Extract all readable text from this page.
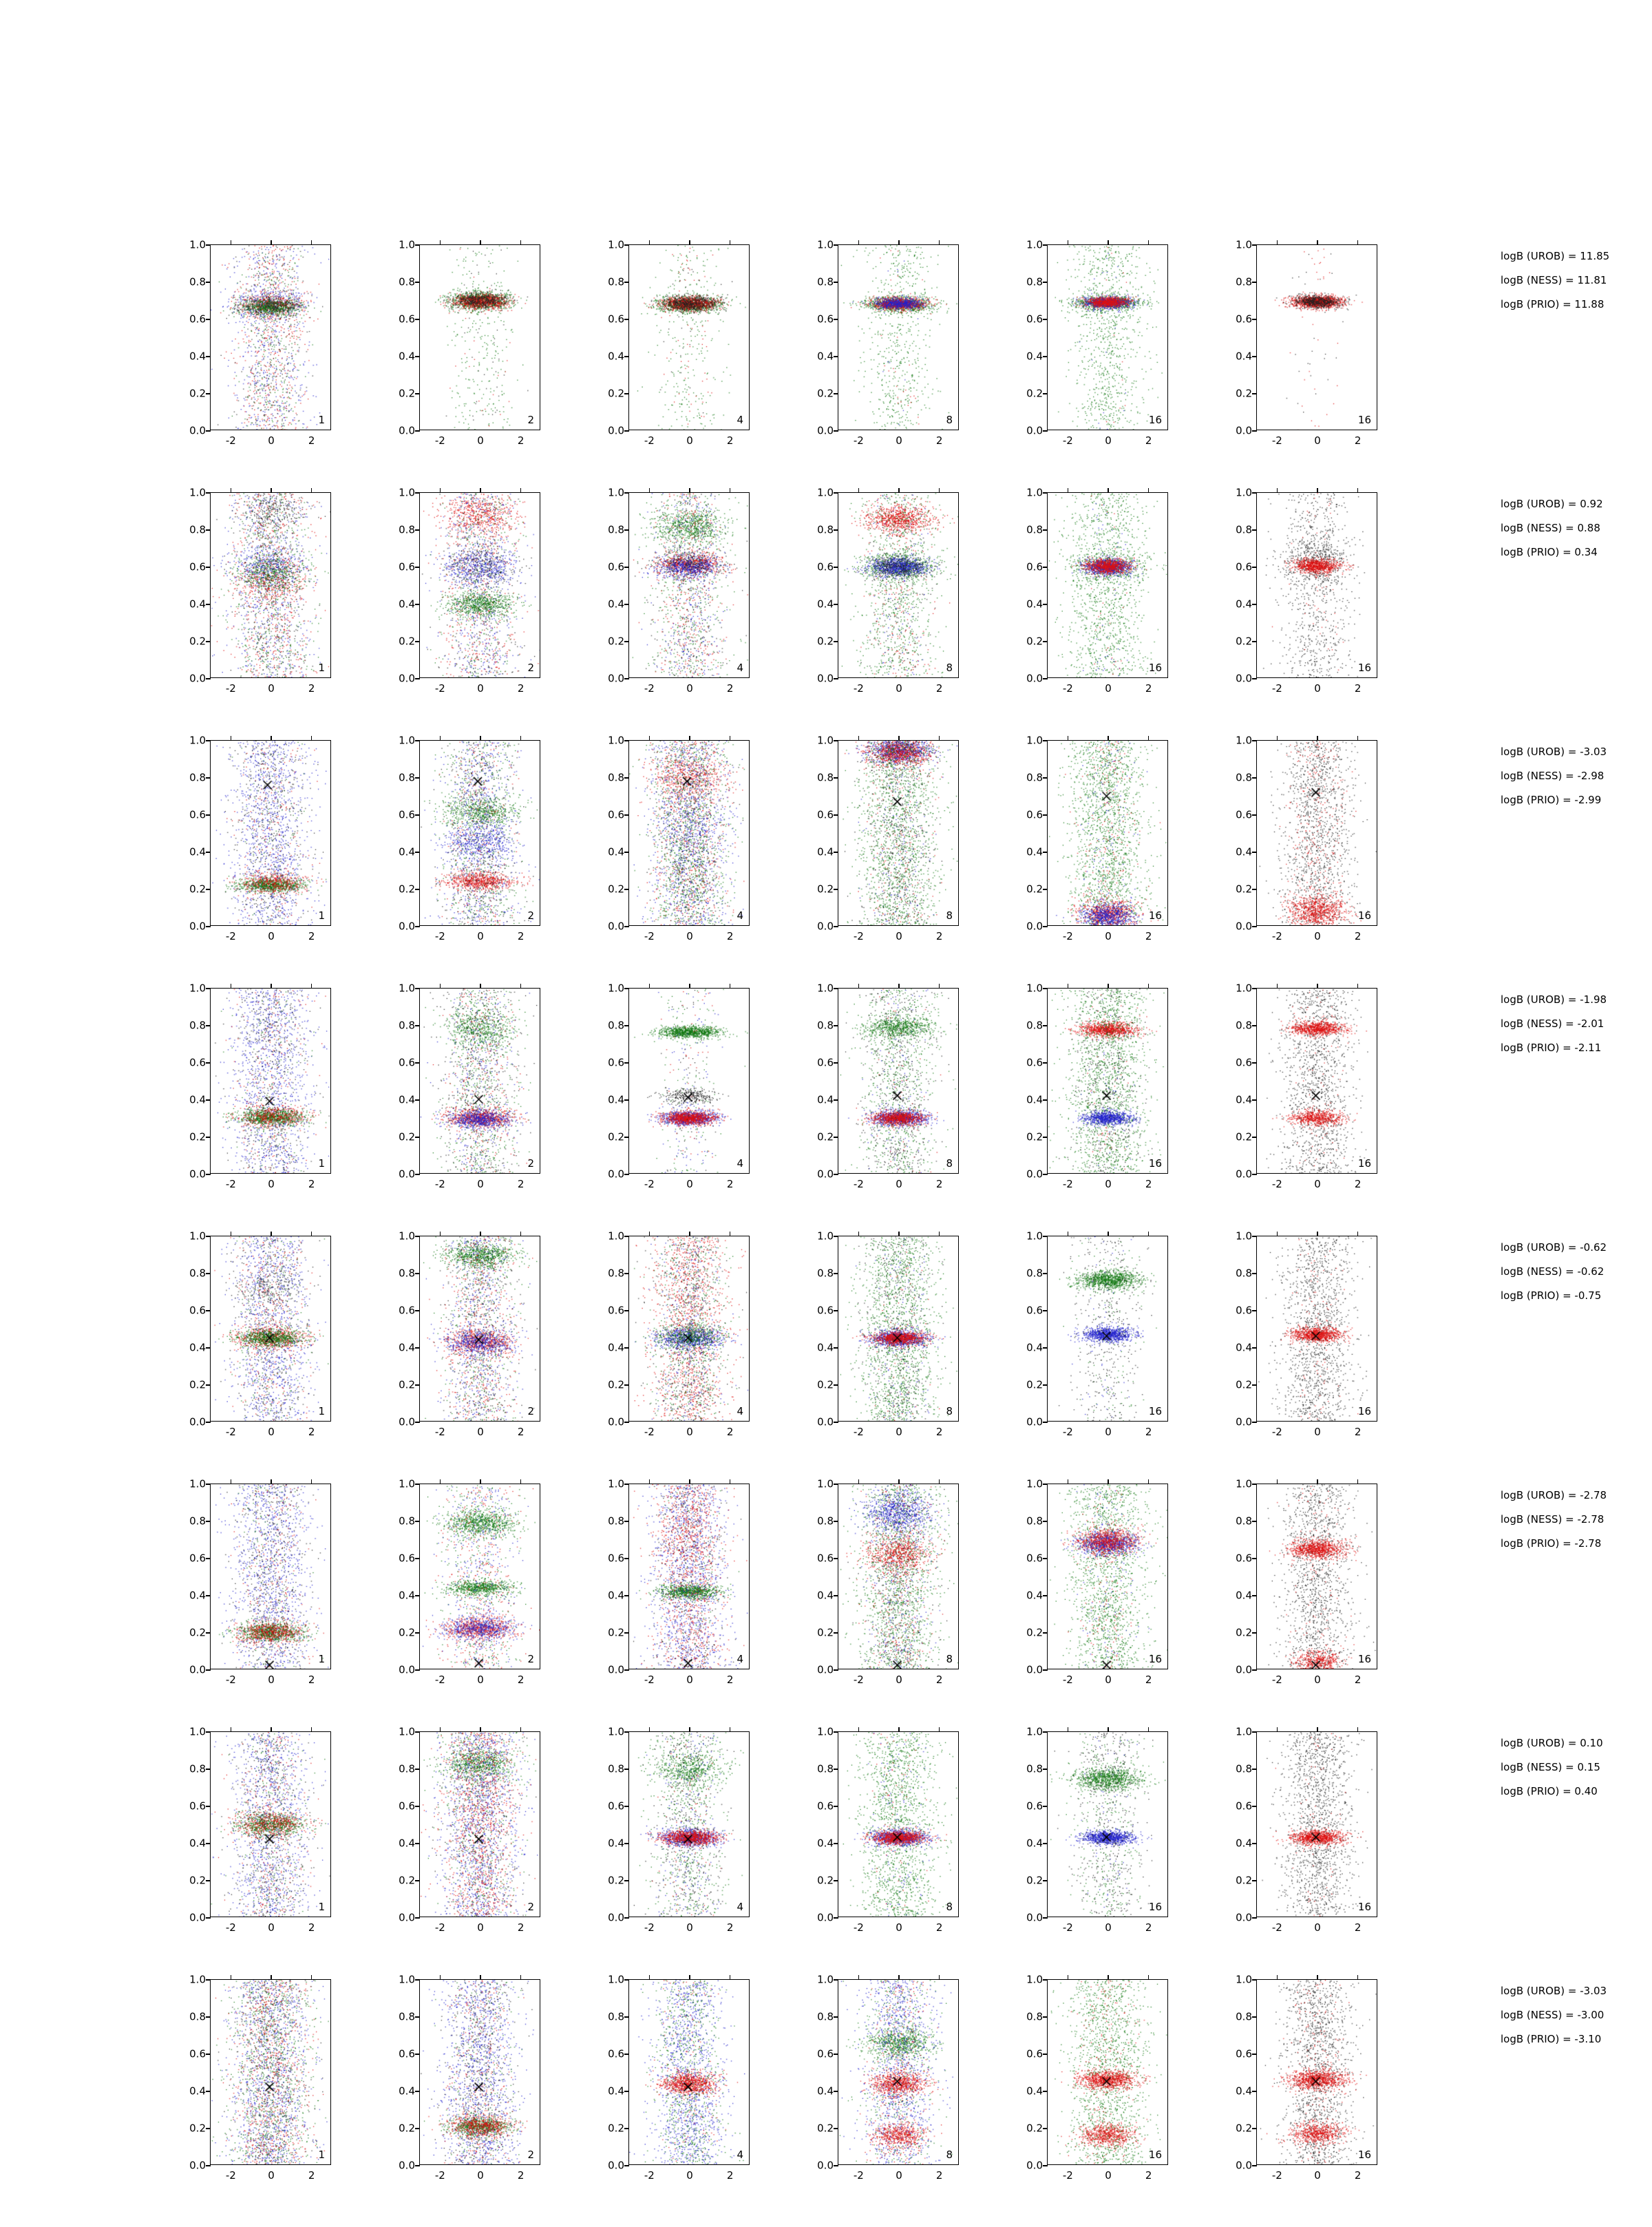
0.0
0.2
0.4
0.6
0.8
1.0
-2	0	2
1
0.0
0.2
0.4
0.6
0.8
1.0
-2	0	2
2
0.0
0.2
0.4
0.6
0.8
1.0
-2	0	2
4
0.0
0.2
0.4
0.6
0.8
1.0
-2	0	2
8
0.0
0.2
0.4
0.6
0.8
1.0
-2	0	2
16
0.0
0.2
0.4
0.6
0.8
1.0
-2	0	2
16
0.0
0.2
0.4
0.6
0.8
1.0
-2	0	2
1
0.0
0.2
0.4
0.6
0.8
1.0
-2	0	2
2
0.0
0.2
0.4
0.6
0.8
1.0
-2	0	2
4
0.0
0.2
0.4
0.6
0.8
1.0
-2	0	2
8
0.0
0.2
0.4
0.6
0.8
1.0
-2	0	2
16
0.0
0.2
0.4
0.6
0.8
1.0
-2	0	2
16
0.0
0.2
0.4
0.6
0.8
1.0
-2	0	2
1
0.0
0.2
0.4
0.6
0.8
1.0
-2	0	2
2
0.0
0.2
0.4
0.6
0.8
1.0
-2	0	2
4
0.0
0.2
0.4
0.6
0.8
1.0
-2	0	2
8
0.0
0.2
0.4
0.6
0.8
1.0
-2	0	2
16
0.0
0.2
0.4
0.6
0.8
1.0
-2	0	2
16
0.0
0.2
0.4
0.6
0.8
1.0
-2	0	2
1
0.0
0.2
0.4
0.6
0.8
1.0
-2	0	2
2
0.0
0.2
0.4
0.6
0.8
1.0
-2	0	2
4
0.0
0.2
0.4
0.6
0.8
1.0
-2	0	2
8
0.0
0.2
0.4
0.6
0.8
1.0
-2	0	2
16
0.0
0.2
0.4
0.6
0.8
1.0
-2	0	2
16
0.0
0.2
0.4
0.6
0.8
1.0
-2	0	2
1
0.0
0.2
0.4
0.6
0.8
1.0
-2	0	2
2
0.0
0.2
0.4
0.6
0.8
1.0
-2	0	2
4
0.0
0.2
0.4
0.6
0.8
1.0
-2	0	2
8
0.0
0.2
0.4
0.6
0.8
1.0
-2	0	2
16
0.0
0.2
0.4
0.6
0.8
1.0
-2	0	2
16
0.0
0.2
0.4
0.6
0.8
1.0
-2	0	2
1
0.0
0.2
0.4
0.6
0.8
1.0
-2	0	2
2
0.0
0.2
0.4
0.6
0.8
1.0
-2	0	2
4
0.0
0.2
0.4
0.6
0.8
1.0
-2	0	2
8
0.0
0.2
0.4
0.6
0.8
1.0
-2	0	2
16
0.0
0.2
0.4
0.6
0.8
1.0
-2	0	2
16
0.0
0.2
0.4
0.6
0.8
1.0
-2	0	2
1
0.0
0.2
0.4
0.6
0.8
1.0
-2	0	2
2
0.0
0.2
0.4
0.6
0.8
1.0
-2	0	2
4
0.0
0.2
0.4
0.6
0.8
1.0
-2	0	2
8
0.0
0.2
0.4
0.6
0.8
1.0
-2	0	2
16
0.0
0.2
0.4
0.6
0.8
1.0
-2	0	2
16
0.0
0.2
0.4
0.6
0.8
1.0
-2	0	2
1
0.0
0.2
0.4
0.6
0.8
1.0
-2	0	2
2
0.0
0.2
0.4
0.6
0.8
1.0
-2	0	2
4
0.0
0.2
0.4
0.6
0.8
1.0
-2	0	2
8
0.0
0.2
0.4
0.6
0.8
1.0
-2	0	2
16
0.0
0.2
0.4
0.6
0.8
1.0
-2	0	2
16
logB (UROB) = 11.85
logB (NESS) = 11.81
logB (PRIO) = 11.88
logB (UROB) = 0.92
logB (NESS) = 0.88
logB (PRIO) = 0.34
logB (UROB) = -3.03
logB (NESS) = -2.98
logB (PRIO) = -2.99
logB (UROB) = -1.98
logB (NESS) = -2.01
logB (PRIO) = -2.11
logB (UROB) = -0.62
logB (NESS) = -0.62
logB (PRIO) = -0.75
logB (UROB) = -2.78
logB (NESS) = -2.78
logB (PRIO) = -2.78
logB (UROB) = 0.10
logB (NESS) = 0.15
logB (PRIO) = 0.40
logB (UROB) = -3.03
logB (NESS) = -3.00
logB (PRIO) = -3.10
